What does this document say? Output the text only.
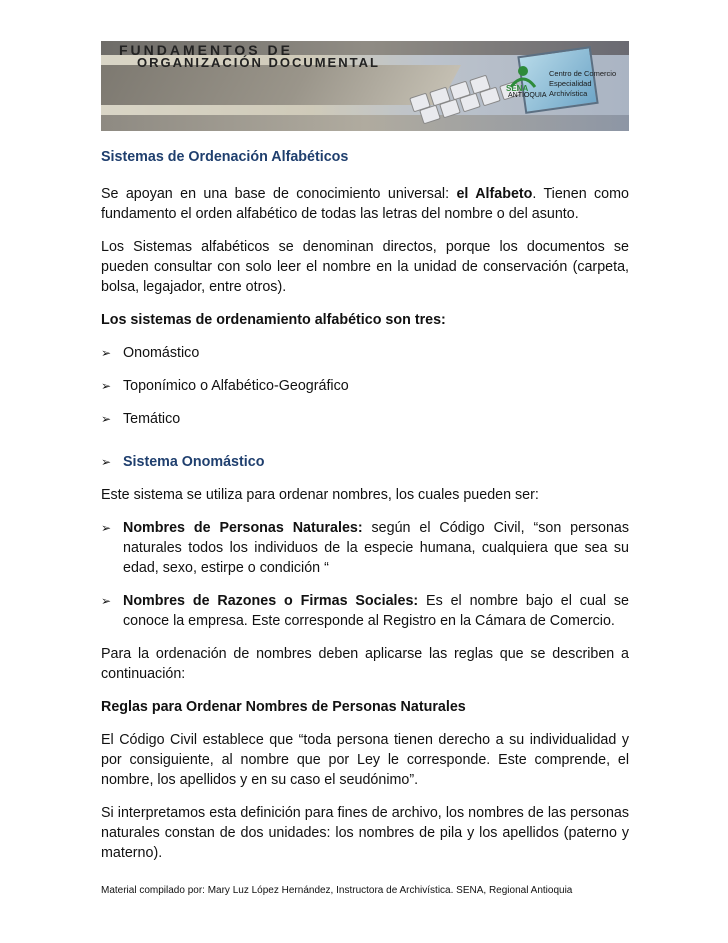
FUNDAMENTOS DE
ORGANIZACIÓN DOCUMENTAL
SENA
Centro de Comercio
Especialidad Archivística
ANTIOQUIA

Sistemas de Ordenación Alfabéticos

Se apoyan en una base de conocimiento universal: el Alfabeto. Tienen como fundamento el orden alfabético de todas las letras del nombre o del asunto.

Los Sistemas alfabéticos se denominan directos, porque los documentos se pueden consultar con solo leer el nombre en la unidad de conservación (carpeta, bolsa, legajador, entre otros).

Los sistemas de ordenamiento alfabético son tres:

➢ Onomástico
➢ Toponímico o Alfabético-Geográfico
➢ Temático
➢ Sistema Onomástico

Este sistema se utiliza para ordenar nombres, los cuales pueden ser:

➢ Nombres de Personas Naturales: según el Código Civil, “son personas naturales todos los individuos de la especie humana, cualquiera que sea su edad, sexo, estirpe o condición “
➢ Nombres de Razones o Firmas Sociales: Es el nombre bajo el cual se conoce la empresa. Este corresponde al Registro en la Cámara de Comercio.

Para la ordenación de nombres deben aplicarse las reglas que se describen a continuación:

Reglas para Ordenar Nombres de Personas Naturales

El Código Civil establece que “toda persona tienen derecho a su individualidad y por consiguiente, al nombre que por Ley le corresponde. Este comprende, el nombre, los apellidos y en su caso el seudónimo”.

Si interpretamos esta definición para fines de archivo, los nombres de las personas naturales constan de dos unidades: los nombres de pila y los apellidos (paterno y materno).

Material compilado por: Mary Luz López Hernández, Instructora de Archivística. SENA, Regional Antioquia
